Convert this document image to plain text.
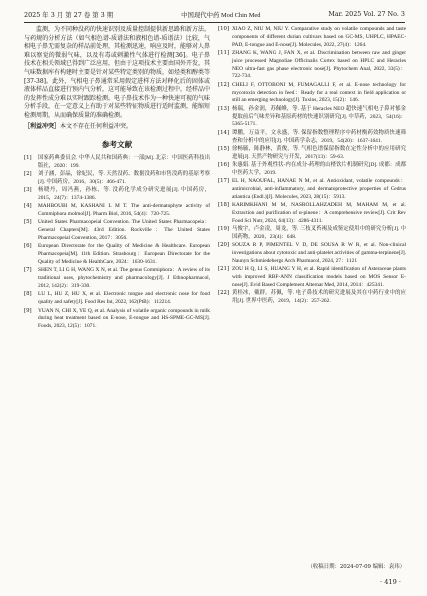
2025 年 3 月 第 27 卷 第 3 期	中国现代中药 Mod Chin Med	Mar. 2025 Vol. 27 No. 3

监测，为不同种没药的快速识别及质量控制提供新思路和新方法。与药规的分析方法（如气相色谱-质谱法和液相色谱-质谱法）比较，气相电子鼻无需复杂的样品前处理，其检测迅速，响应及时，能够对人鼻难以察觉的微弱气味，以及有毒或刺激性气体进行检测[36]。电子鼻技术在相关领域已得到广泛应用，但由于这项技术主要由国外开发，其气味数据库有构建时主要是针对某些特定类别的物质，如烃类和醇类等[37-38]。此外，气相电子鼻通常采用假定进样方法对释化后的固体或液体样品直接进行预内气分析，这可能导致在该检测过程中，经样品中的发挥性成分难以实时跟踪检测。电子鼻技术作为一种快速可视的气味分析手段，在一定意义上有助于对某些特征物质进行适时监测，能缩短检测周期，从而确保质量的准确检测。

［利益冲突］本文不存在任何利益冲突。
参考文献
[1]	国家药典委员会. 中华人民共和国药典：一部[M]. 北京：中国医药科技出版社，2020：199.
[2]	刘子涵，彭晶，徐妃民，等. 天然没药、数据没药和市售没药的基原考察[J]. 中国药房，2016，30(5)：466-471.
[3]	杨晓丹，周冯燕，孙栋，等. 没药化学成分研究进展[J]. 中国药房，2015，24(7)：1374-1386.
[4]	MAHBOUBI M, KASHANI L M T. The anti-dermatophyte activity of Commiphora molmol[J]. Pharm Biol, 2016, 54(4)：720-725.
[5]	United States Pharmacopeial Convention. The United States Pharmacopeia：General Chapters[M]. 43rd Edition. Rockville：The United States Pharmacopeial Convention, 2017：3056.
[6]	European Directorate for the Quality of Medicine & Healthcare. European Pharmacopeia[M]. 11th Edition. Strasbourg：European Directorate for the Quality of Medicine & HealthCare, 2024：1630-1631.
[7]	SHEN T, LI G H, WANG X N, et al. The genus Commiphora：A review of its traditional uses, phytochemistry and pharmacology[J]. J Ethnopharmacol, 2012, 142(2)：319-330.
[8]	LU L, HU Z, HU X, et al. Electronic tongue and electronic nose for food quality and safety[J]. Food Res Int, 2022, 162(PtB)：112214.
[9]	YUAN N, CHI X, YE Q, et al. Analysis of volatile organic compounds in milk during heat treatment based on E-nose, E-tongue and HS-SPME-GC-MS[J]. Foods, 2023, 12(5)：1071.
[10] XIAO Z, NIU M, NIU Y. Comparative study on volatile compounds and taste components of different durian cultivars based on GC-MS, UHPLC, HPAEC-PAD, E-tongue and E-nose[J]. Molecules, 2022, 27(4)：1264.
[11] ZHANG K, WANG J, FAN X, et al. Discrimination between raw and ginger juice processed Magnoliae Officinalis Cortex based on HPLC and Heracles NEO ultra-fast gas phase electronic nose[J]. Phytochem Anal, 2022, 33(5)：722-734.
[12] CHELI F, OTTOBONI M, FUMAGALLI F, et al. E-nose technology for mycotoxin detection in feed：Ready for a real context in field application or still an emerging technology[J]. Toxins, 2023, 15(2)：146.
[13] 杨瑞，孙金润，苏佩峰，等. 基于 Heracles NEO 超快速气相电子鼻对郁金提取前后气味差异和基原药材的快速识别研究[J]. 中草药，2023，54(16)：5365-5171.
[14] 谭鹏，万益平，文永盛，等. 保留指数整理程序中药材衡药效物质快速筛查和分析中的应用[J]. 中国药学杂志，2019，54(20)：1637-1641.
[15] 徐畅毓，陈静林，黄俊，等. 气相色谱保留指数在定性分析中的应用研究进展[J]. 天然产物研究与开发，2017(13)：59-63.
[16] 朱惠娟. 基于外观性状-内在成分-药理的山楂饮片机制研究[D]. 成都：成都中医药大学，2019.
[17] EL H, NAOUFAL, HANAE N M, et al. Antioxidant, volatile compounds：antimicrobial, anti-inflammatory, and dermatoprotective properties of Cedrus atlantica (Endl.)[J]. Molecules, 2023, 28(15)：5913.
[18] KARIMKHANI M M, NASROLLAHZADEH M, MAHAM M, et al. Extraction and purification of α-pinene：A comprehensive review[J]. Crit Rev Food Sci Nutr, 2024, 64(13)：4286-4311.
[19] 马俊宇，卢金凌，周龙，等. 三枝叉苔褐及成鉴定使用中的研究分析[J]. 中国药物，2020，23(4)：648.
[20] SOUZA R P, PIMENTEL V D, DE SOUSA R W R, et al. Non-clinical investigations about cytotoxic and anti-platelet activities of gamma-terpinene[J]. Naunyn Schmiedebergs Arch Pharmacol, 2024, 27：1121
[21] ZOU H Q, LI S, HUANG Y H, et al. Rapid identification of Asteraceae plants with improved RBF-ANN classification models based on MOS Sensor E-nose[J]. Evid Based Complement Alternat Med, 2014, 2014：425341.
[22] 黄桂冰，戴群，苏佩，等. 电子鼻技术的研究进展及其在中药行业中的应用[J]. 世界中医药，2019，14(2)：257-262.
（收稿日期：2024-07-09 编辑：袁玮）
· 419 ·
